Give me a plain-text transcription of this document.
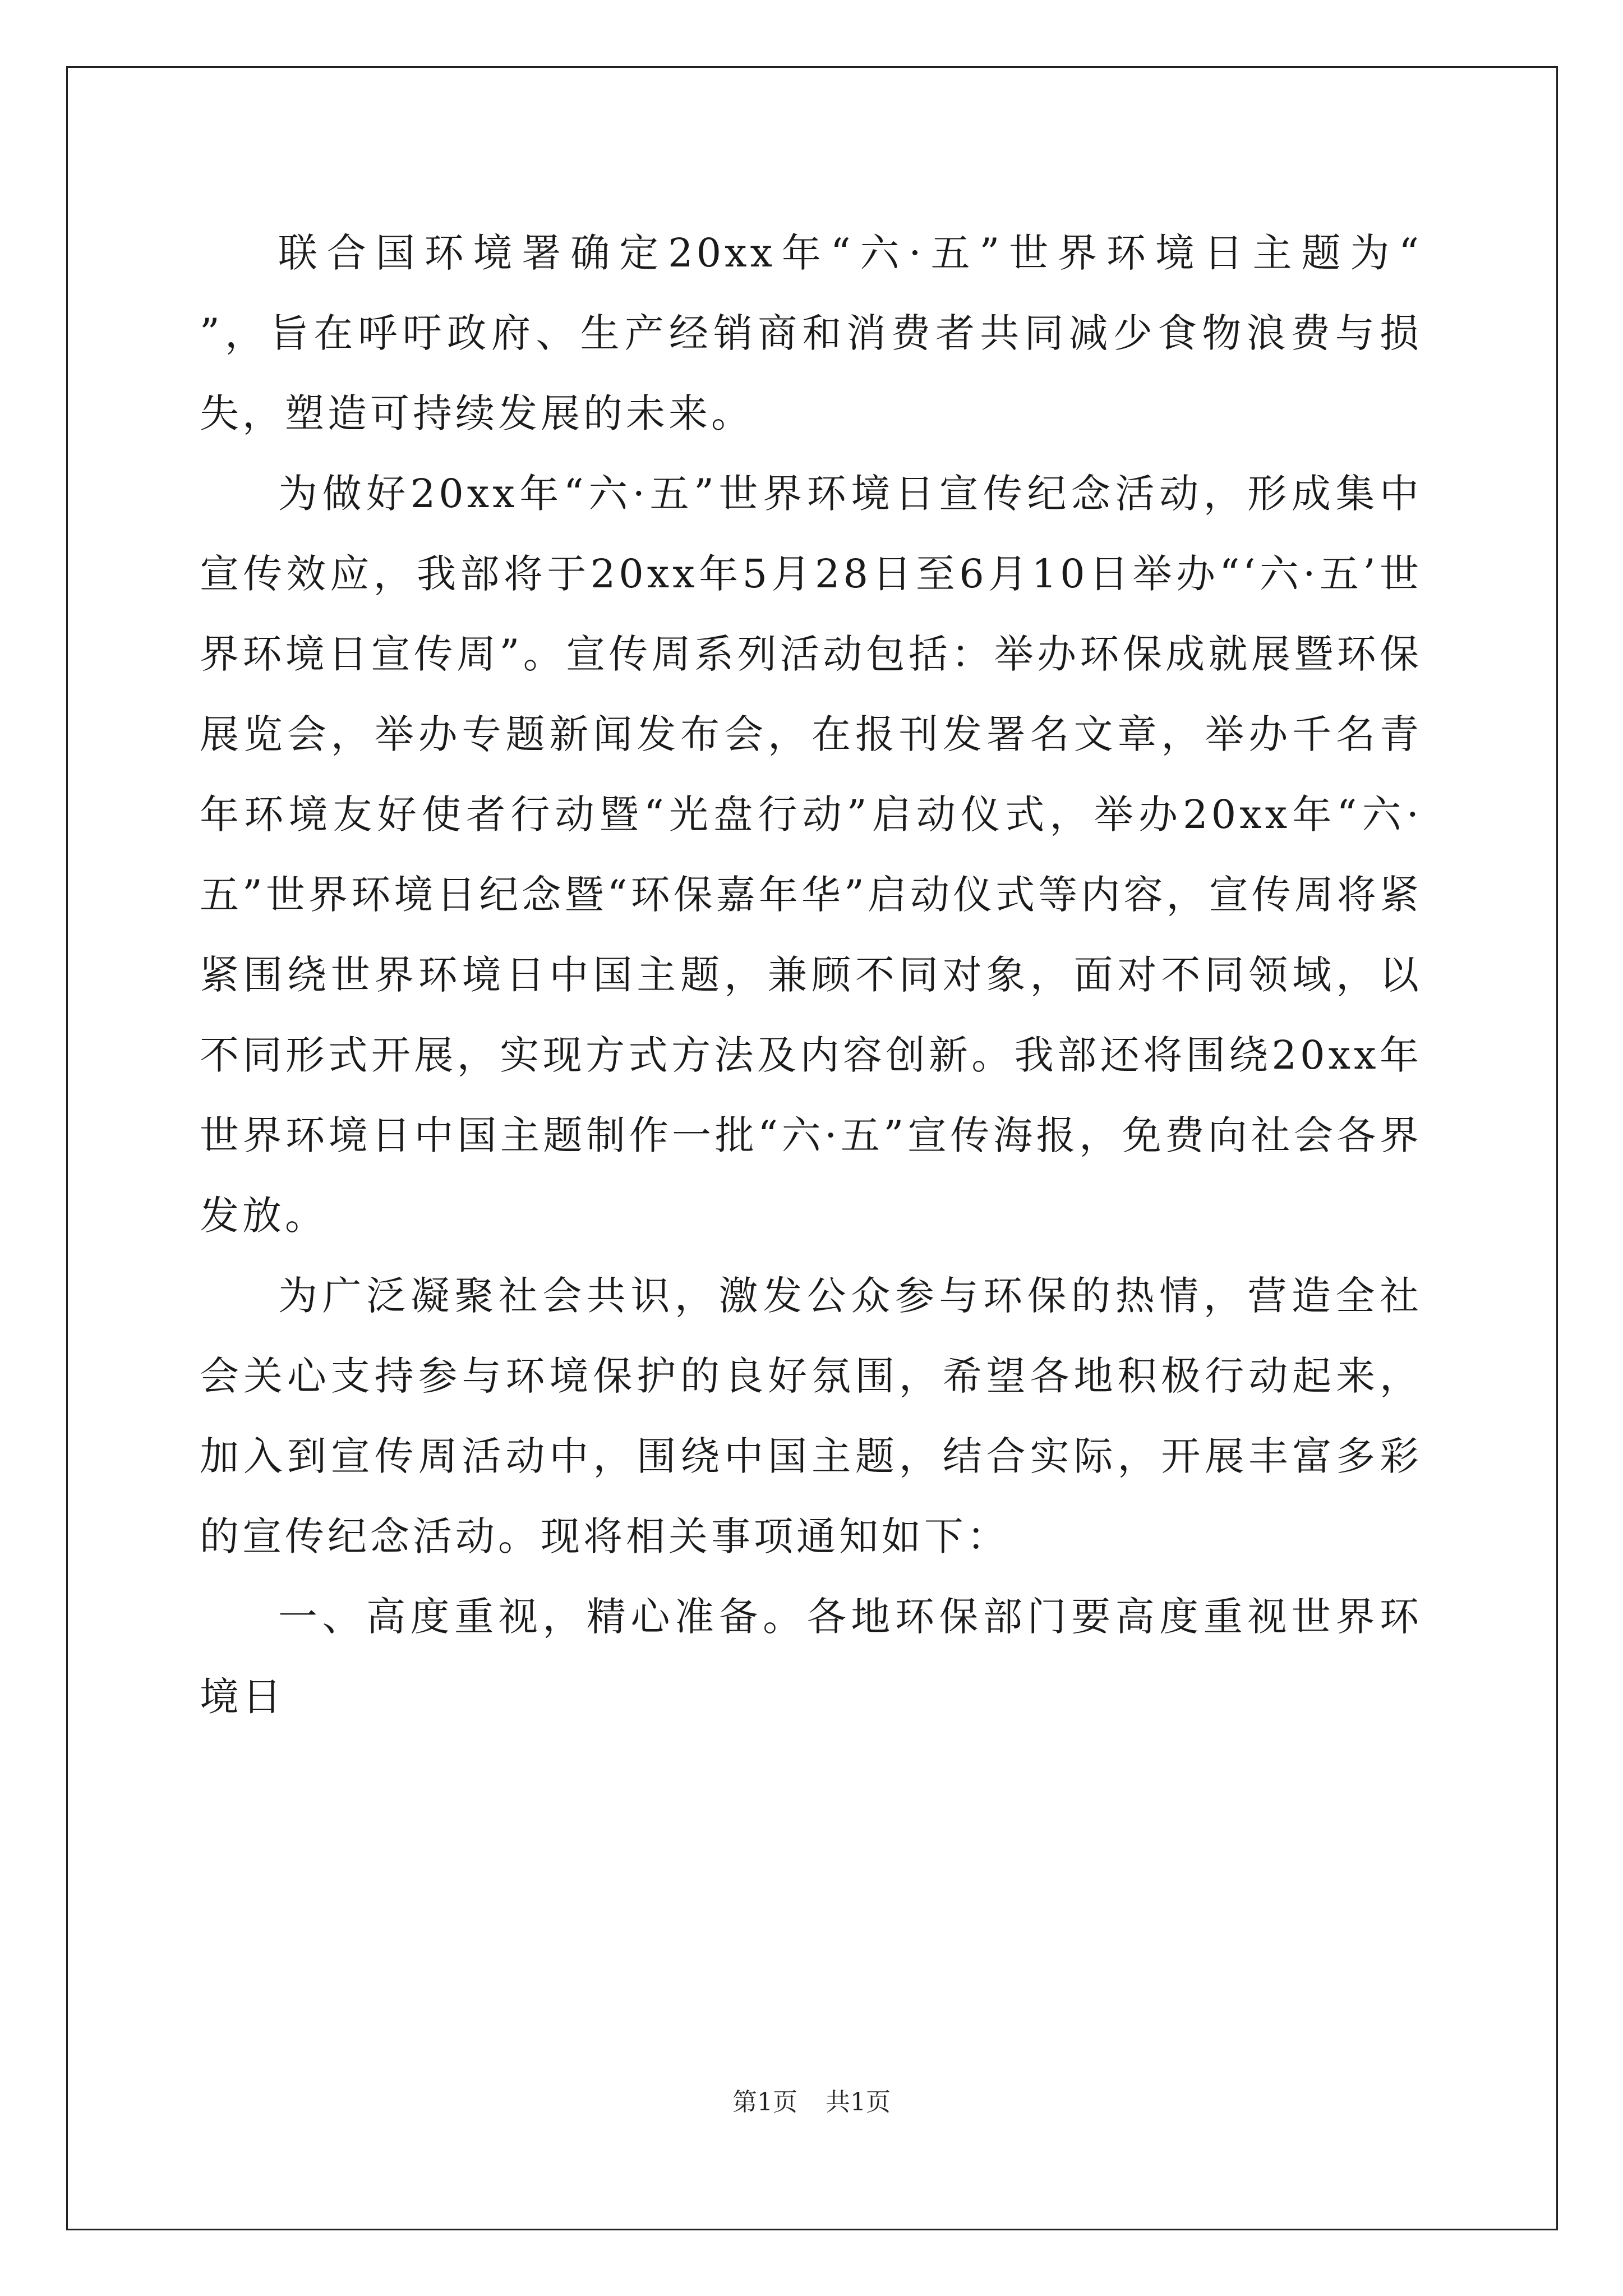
联合国环境署确定20xx年“六·五”世界环境日主题为“　　　　”，旨在呼吁政府、生产经销商和消费者共同减少食物浪费与损失，塑造可持续发展的未来。

为做好20xx年“六·五”世界环境日宣传纪念活动，形成集中宣传效应，我部将于20xx年5月28日至6月10日举办“‘六·五’世界环境日宣传周”。宣传周系列活动包括：举办环保成就展暨环保展览会，举办专题新闻发布会，在报刊发署名文章，举办千名青年环境友好使者行动暨“光盘行动”启动仪式，举办20xx年“六·五”世界环境日纪念暨“环保嘉年华”启动仪式等内容，宣传周将紧紧围绕世界环境日中国主题，兼顾不同对象，面对不同领域，以不同形式开展，实现方式方法及内容创新。我部还将围绕20xx年世界环境日中国主题制作一批“六·五”宣传海报，免费向社会各界发放。

为广泛凝聚社会共识，激发公众参与环保的热情，营造全社会关心支持参与环境保护的良好氛围，希望各地积极行动起来，加入到宣传周活动中，围绕中国主题，结合实际，开展丰富多彩的宣传纪念活动。现将相关事项通知如下：

一、高度重视，精心准备。各地环保部门要高度重视世界环境日

第1页 共1页
